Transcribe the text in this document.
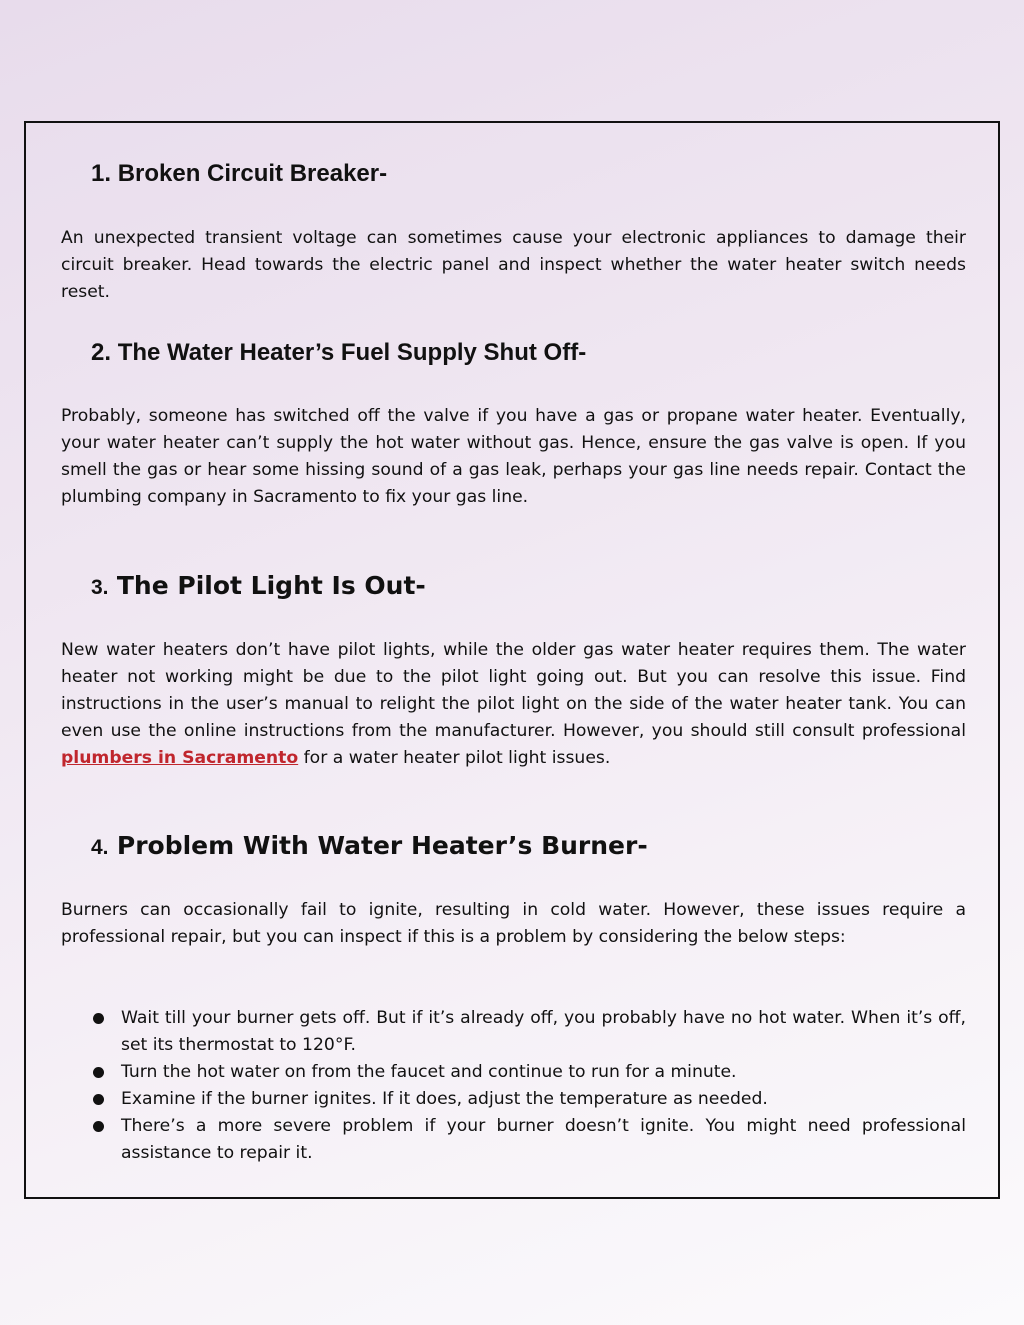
1. Broken Circuit Breaker-

An unexpected transient voltage can sometimes cause your electronic appliances to damage their circuit breaker. Head towards the electric panel and inspect whether the water heater switch needs reset.

2. The Water Heater’s Fuel Supply Shut Off-

Probably, someone has switched off the valve if you have a gas or propane water heater. Eventually, your water heater can’t supply the hot water without gas. Hence, ensure the gas valve is open. If you smell the gas or hear some hissing sound of a gas leak, perhaps your gas line needs repair. Contact the plumbing company in Sacramento to fix your gas line.

3. The Pilot Light Is Out-

New water heaters don’t have pilot lights, while the older gas water heater requires them. The water heater not working might be due to the pilot light going out. But you can resolve this issue. Find instructions in the user’s manual to relight the pilot light on the side of the water heater tank. You can even use the online instructions from the manufacturer. However, you should still consult professional plumbers in Sacramento for a water heater pilot light issues.

4. Problem With Water Heater’s Burner-

Burners can occasionally fail to ignite, resulting in cold water. However, these issues require a professional repair, but you can inspect if this is a problem by considering the below steps:

Wait till your burner gets off. But if it’s already off, you probably have no hot water. When it’s off, set its thermostat to 120°F.
Turn the hot water on from the faucet and continue to run for a minute.
Examine if the burner ignites. If it does, adjust the temperature as needed.
There’s a more severe problem if your burner doesn’t ignite. You might need professional assistance to repair it.
